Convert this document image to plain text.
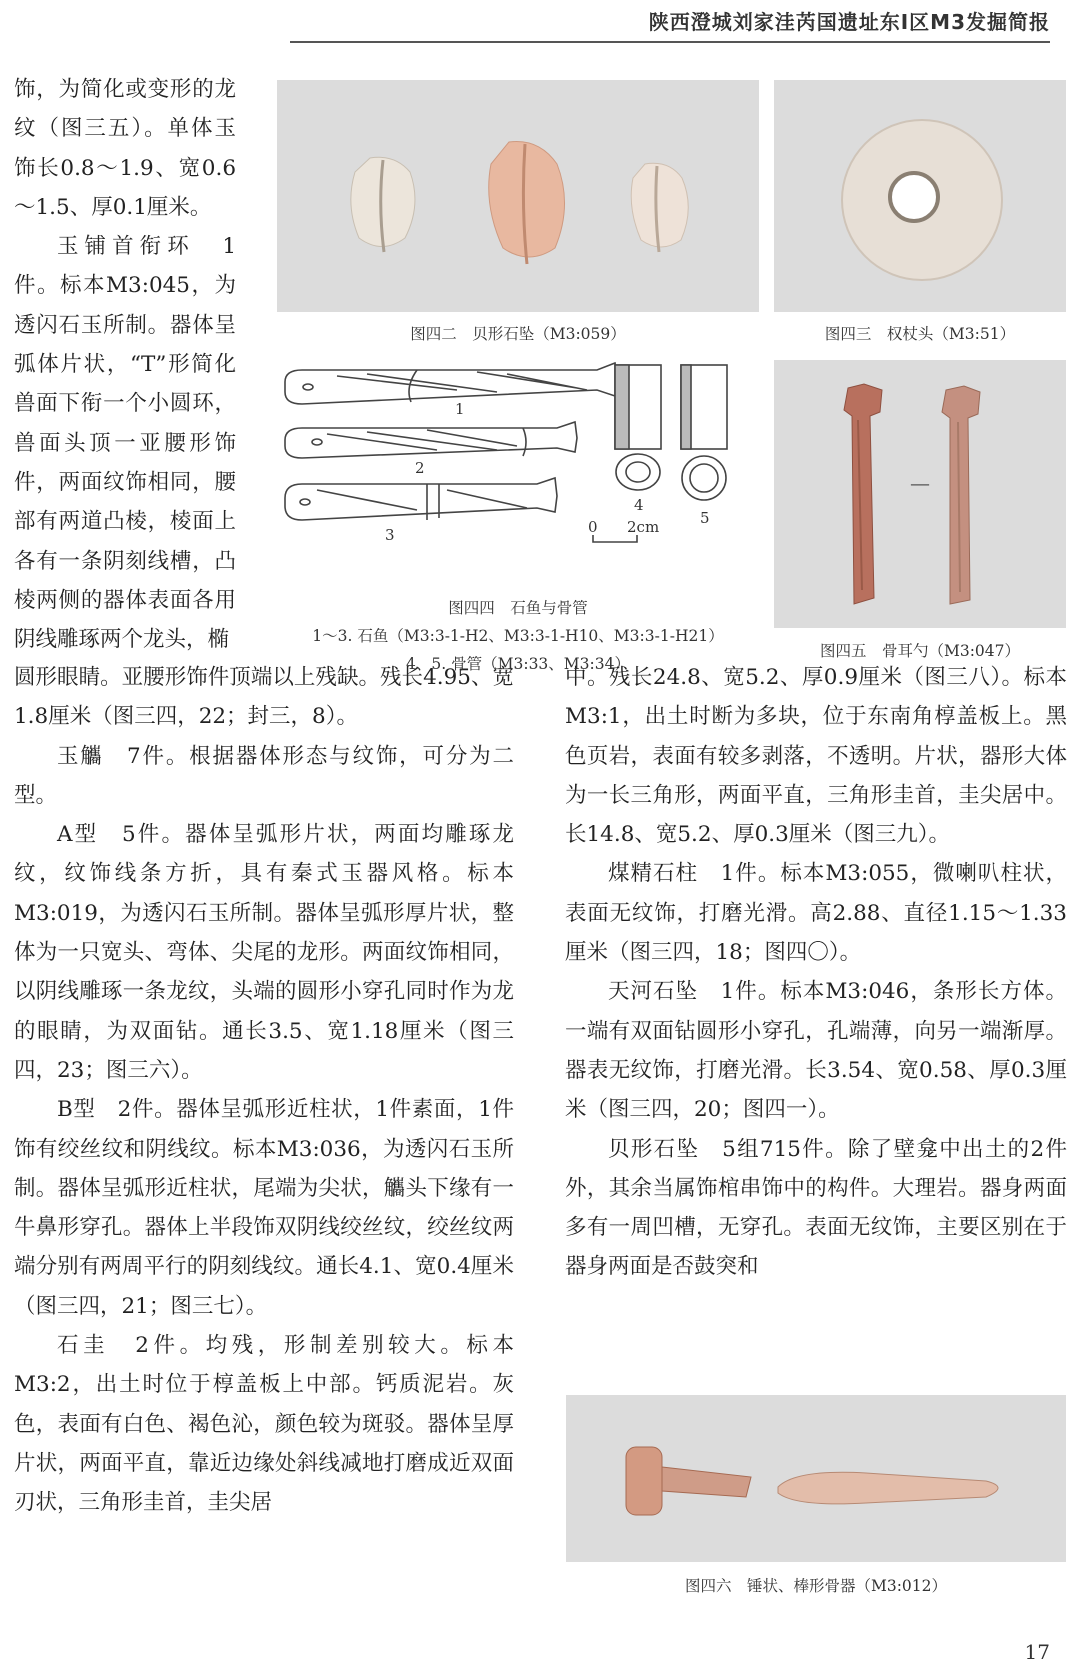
陕西澄城刘家洼芮国遗址东Ⅰ区M3发掘简报

饰，为简化或变形的龙纹（图三五）。单体玉饰长0.8～1.9、宽0.6～1.5、厚0.1厘米。

玉铺首衔环　1件。标本M3:045，为透闪石玉所制。器体呈弧体片状，“T”形简化兽面下衔一个小圆环，兽面头顶一亚腰形饰件，两面纹饰相同，腰部有两道凸棱，棱面上各有一条阴刻线槽，凸棱两侧的器体表面各用阴线雕琢两个龙头，椭

圆形眼睛。亚腰形饰件顶端以上残缺。残长4.95、宽1.8厘米（图三四，22；封三，8）。

玉觿　7件。根据器体形态与纹饰，可分为二型。

A型　5件。器体呈弧形片状，两面均雕琢龙纹，纹饰线条方折，具有秦式玉器风格。标本M3:019，为透闪石玉所制。器体呈弧形厚片状，整体为一只宽头、弯体、尖尾的龙形。两面纹饰相同，以阴线雕琢一条龙纹，头端的圆形小穿孔同时作为龙的眼睛，为双面钻。通长3.5、宽1.18厘米（图三四，23；图三六）。

B型　2件。器体呈弧形近柱状，1件素面，1件饰有绞丝纹和阴线纹。标本M3:036，为透闪石玉所制。器体呈弧形近柱状，尾端为尖状，觿头下缘有一牛鼻形穿孔。器体上半段饰双阴线绞丝纹，绞丝纹两端分别有两周平行的阴刻线纹。通长4.1、宽0.4厘米（图三四，21；图三七）。

石圭　2件。均残，形制差别较大。标本M3:2，出土时位于椁盖板上中部。钙质泥岩。灰色，表面有白色、褐色沁，颜色较为斑驳。器体呈厚片状，两面平直，靠近边缘处斜线减地打磨成近双面刃状，三角形圭首，圭尖居

中。残长24.8、宽5.2、厚0.9厘米（图三八）。标本M3:1，出土时断为多块，位于东南角椁盖板上。黑色页岩，表面有较多剥落，不透明。片状，器形大体为一长三角形，两面平直，三角形圭首，圭尖居中。长14.8、宽5.2、厚0.3厘米（图三九）。

煤精石柱　1件。标本M3:055，微喇叭柱状，表面无纹饰，打磨光滑。高2.88、直径1.15～1.33厘米（图三四，18；图四〇）。

天河石坠　1件。标本M3:046，条形长方体。一端有双面钻圆形小穿孔，孔端薄，向另一端渐厚。器表无纹饰，打磨光滑。长3.54、宽0.58、厚0.3厘米（图三四，20；图四一）。

贝形石坠　5组715件。除了壁龛中出土的2件外，其余当属饰棺串饰中的构件。大理岩。器身两面多有一周凹槽，无穿孔。表面无纹饰，主要区别在于器身两面是否鼓突和

图四二　贝形石坠（M3:059）	图四三　权杖头（M3:51）
1
2
3
4
5
0 2cm
图四四　石鱼与骨管
1～3. 石鱼（M3:3-1-H2、M3:3-1-H10、M3:3-1-H21）
4、5. 骨管（M3:33、M3:34）
—
图四五　骨耳勺（M3:047）
图四六　锤状、棒形骨器（M3:012）
17
